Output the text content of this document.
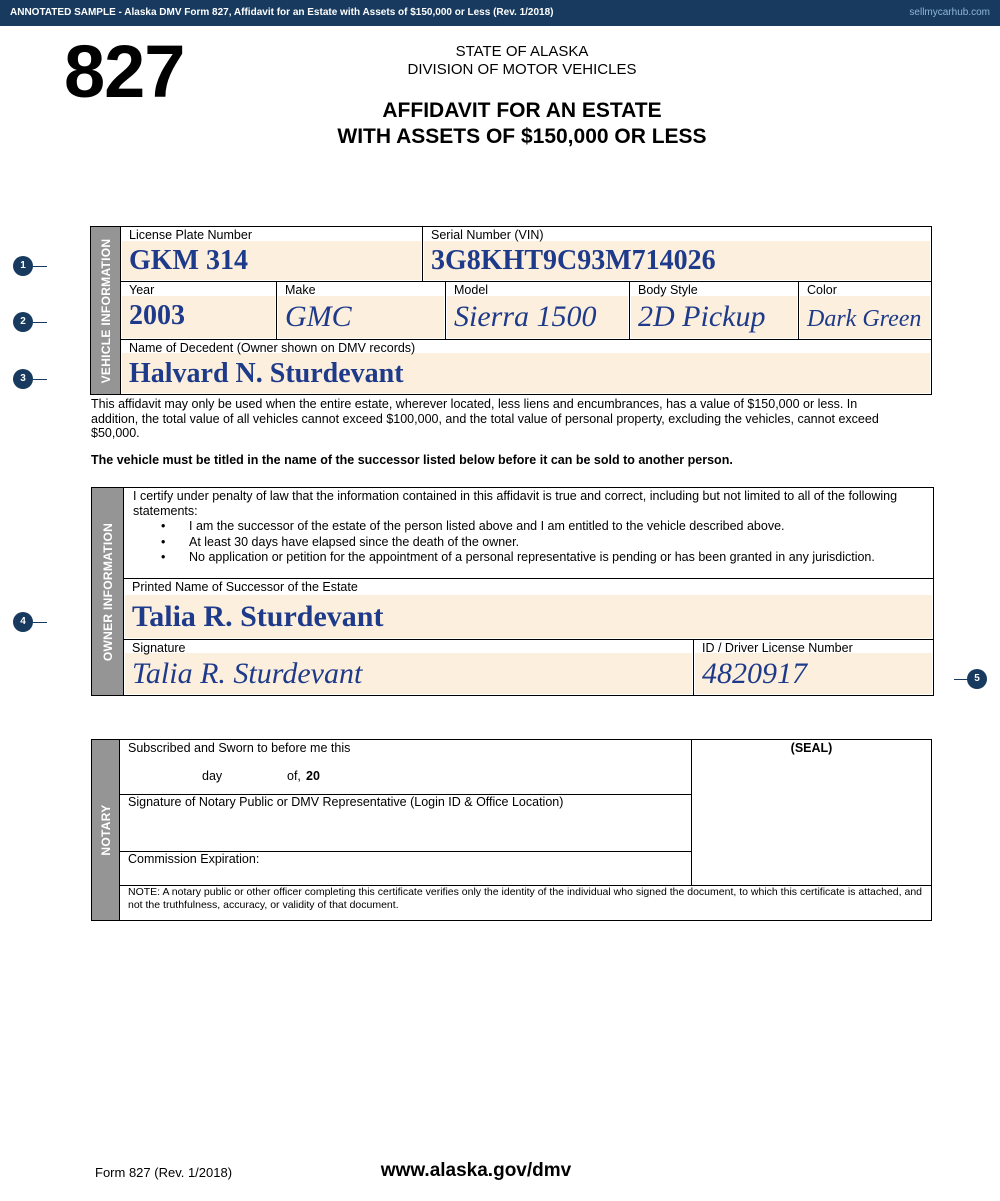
ANNOTATED SAMPLE - Alaska DMV Form 827, Affidavit for an Estate with Assets of $150,000 or Less (Rev. 1/2018)	sellmycarhub.com
827	STATE OF ALASKA
DIVISION OF MOTOR VEHICLES
AFFIDAVIT FOR AN ESTATE
WITH ASSETS OF $150,000 OR LESS
VEHICLE INFORMATION
License Plate Number
GKM 314
Serial Number (VIN)
3G8KHT9C93M714026
Year
2003
Make
GMC
Model
Sierra 1500
Body Style
2D Pickup
Color
Dark Green
Name of Decedent (Owner shown on DMV records)
Halvard N. Sturdevant
This affidavit may only be used when the entire estate, wherever located, less liens and encumbrances, has a value of $150,000 or less. In addition, the total value of all vehicles cannot exceed $100,000, and the total value of personal property, excluding the vehicles, cannot exceed $50,000.
The vehicle must be titled in the name of the successor listed below before it can be sold to another person.
OWNER INFORMATION
I certify under penalty of law that the information contained in this affidavit is true and correct, including but not limited to all of the following statements:
• I am the successor of the estate of the person listed above and I am entitled to the vehicle described above.
• At least 30 days have elapsed since the death of the owner.
• No application or petition for the appointment of a personal representative is pending or has been granted in any jurisdiction.
Printed Name of Successor of the Estate
Talia R. Sturdevant
Signature
Talia R. Sturdevant
ID / Driver License Number
4820917
NOTARY
Subscribed and Sworn to before me this
day	of, 20
(SEAL)
Signature of Notary Public or DMV Representative (Login ID & Office Location)
Commission Expiration:
NOTE: A notary public or other officer completing this certificate verifies only the identity of the individual who signed the document, to which this certificate is attached, and not the truthfulness, accuracy, or validity of that document.
1
2
3
4
5
Form 827 (Rev. 1/2018)	www.alaska.gov/dmv
